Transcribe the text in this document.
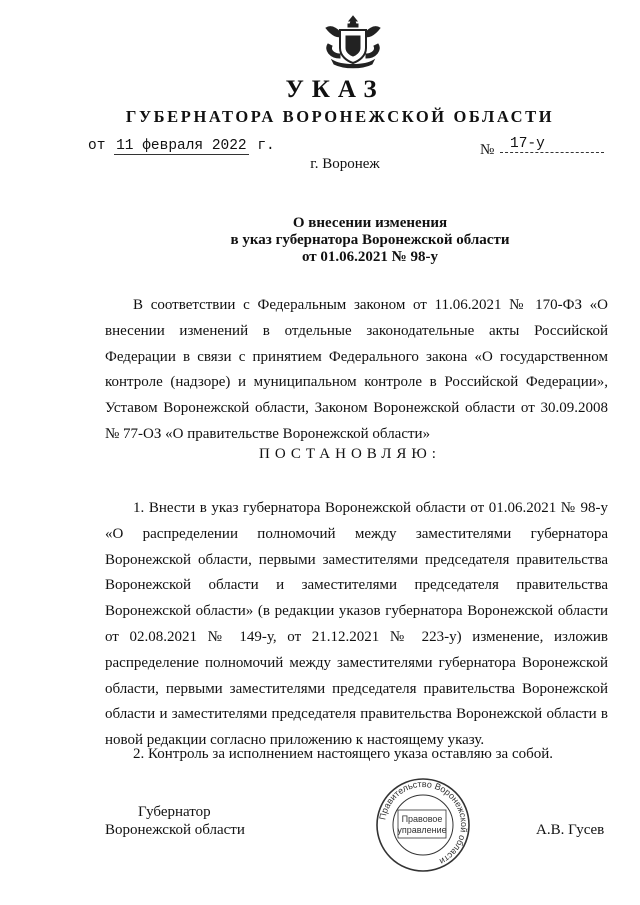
УКАЗ
ГУБЕРНАТОРА ВОРОНЕЖСКОЙ ОБЛАСТИ
от 11 февраля 2022 г.	№	17-у
г. Воронеж
О внесении изменения
в указ губернатора Воронежской области
от 01.06.2021 № 98-у
В соответствии с Федеральным законом от 11.06.2021 № 170-ФЗ «О внесении изменений в отдельные законодательные акты Российской Федерации в связи с принятием Федерального закона «О государственном контроле (надзоре) и муниципальном контроле в Российской Федерации», Уставом Воронежской области, Законом Воронежской области от 30.09.2008 № 77-ОЗ «О правительстве Воронежской области»
ПОСТАНОВЛЯЮ:
1. Внести в указ губернатора Воронежской области от 01.06.2021 № 98-у «О распределении полномочий между заместителями губернатора Воронежской области, первыми заместителями председателя правительства Воронежской области и заместителями председателя правительства Воронежской области» (в редакции указов губернатора Воронежской области от 02.08.2021 № 149-у, от 21.12.2021 № 223-у) изменение, изложив распределение полномочий между заместителями губернатора Воронежской области, первыми заместителями председателя правительства Воронежской области и заместителями председателя правительства Воронежской области в новой редакции согласно приложению к настоящему указу.
2. Контроль за исполнением настоящего указа оставляю за собой.
Губернатор
Воронежской области
Правительство Воронежской области
Правовое
управление	А.В. Гусев
